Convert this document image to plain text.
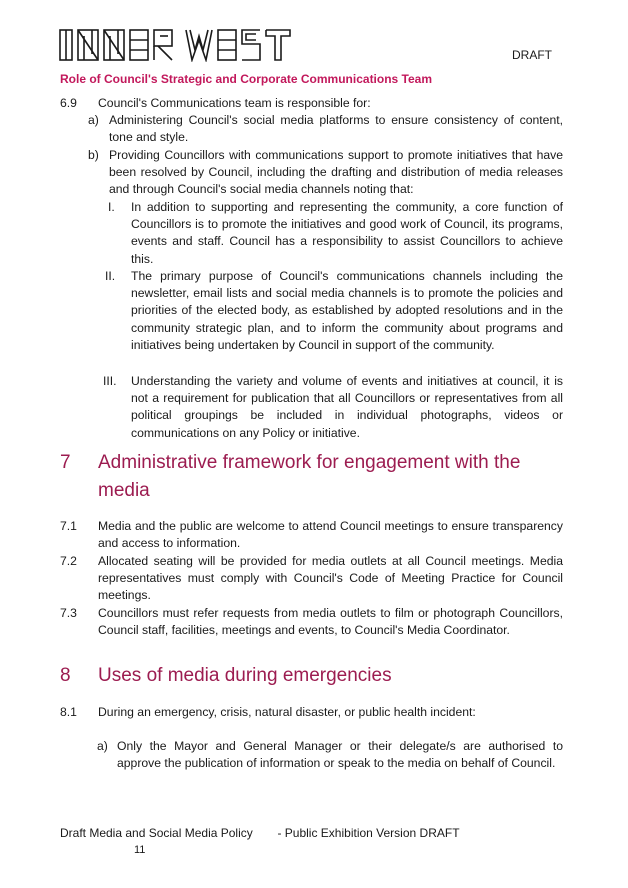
DRAFT
Role of Council's Strategic and Corporate Communications Team
6.9 Council's Communications team is responsible for:
a) Administering Council's social media platforms to ensure consistency of content, tone and style.
b) Providing Councillors with communications support to promote initiatives that have been resolved by Council, including the drafting and distribution of media releases and through Council's social media channels noting that:
I. In addition to supporting and representing the community, a core function of Councillors is to promote the initiatives and good work of Council, its programs, events and staff. Council has a responsibility to assist Councillors to achieve this.
II. The primary purpose of Council's communications channels including the newsletter, email lists and social media channels is to promote the policies and priorities of the elected body, as established by adopted resolutions and in the community strategic plan, and to inform the community about programs and initiatives being undertaken by Council in support of the community.
III. Understanding the variety and volume of events and initiatives at council, it is not a requirement for publication that all Councillors or representatives from all political groupings be included in individual photographs, videos or communications on any Policy or initiative.
7 Administrative framework for engagement with the
media
7.1 Media and the public are welcome to attend Council meetings to ensure transparency and access to information.
7.2 Allocated seating will be provided for media outlets at all Council meetings. Media representatives must comply with Council's Code of Meeting Practice for Council meetings.
7.3 Councillors must refer requests from media outlets to film or photograph Councillors, Council staff, facilities, meetings and events, to Council's Media Coordinator.
8 Uses of media during emergencies
8.1 During an emergency, crisis, natural disaster, or public health incident:
a) Only the Mayor and General Manager or their delegate/s are authorised to approve the publication of information or speak to the media on behalf of Council.
Draft Media and Social Media Policy - Public Exhibition Version DRAFT
11
